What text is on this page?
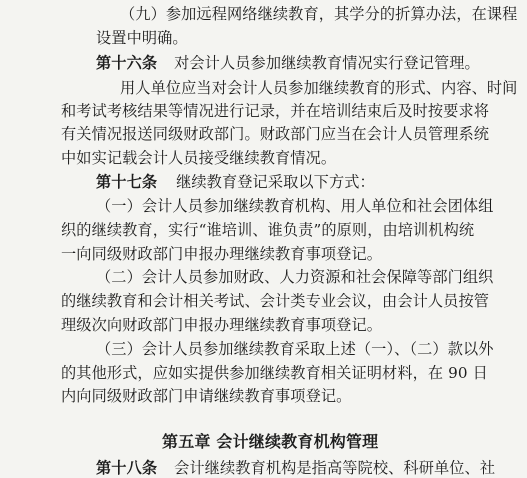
（九）参加远程网络继续教育，其学分的折算办法，在课程
设置中明确。
第十六条 对会计人员参加继续教育情况实行登记管理。
用人单位应当对会计人员参加继续教育的形式、内容、时间
和考试考核结果等情况进行记录，并在培训结束后及时按要求将
有关情况报送同级财政部门。财政部门应当在会计人员管理系统
中如实记载会计人员接受继续教育情况。
第十七条 继续教育登记采取以下方式：
（一）会计人员参加继续教育机构、用人单位和社会团体组
织的继续教育，实行“谁培训、谁负责”的原则，由培训机构统
一向同级财政部门申报办理继续教育事项登记。
（二）会计人员参加财政、人力资源和社会保障等部门组织
的继续教育和会计相关考试、会计类专业会议，由会计人员按管
理级次向财政部门申报办理继续教育事项登记。
（三）会计人员参加继续教育采取上述（一）、（二）款以外
的其他形式，应如实提供参加继续教育相关证明材料，在 90 日
内向同级财政部门申请继续教育事项登记。
第五章 会计继续教育机构管理
第十八条 会计继续教育机构是指高等院校、科研单位、社
